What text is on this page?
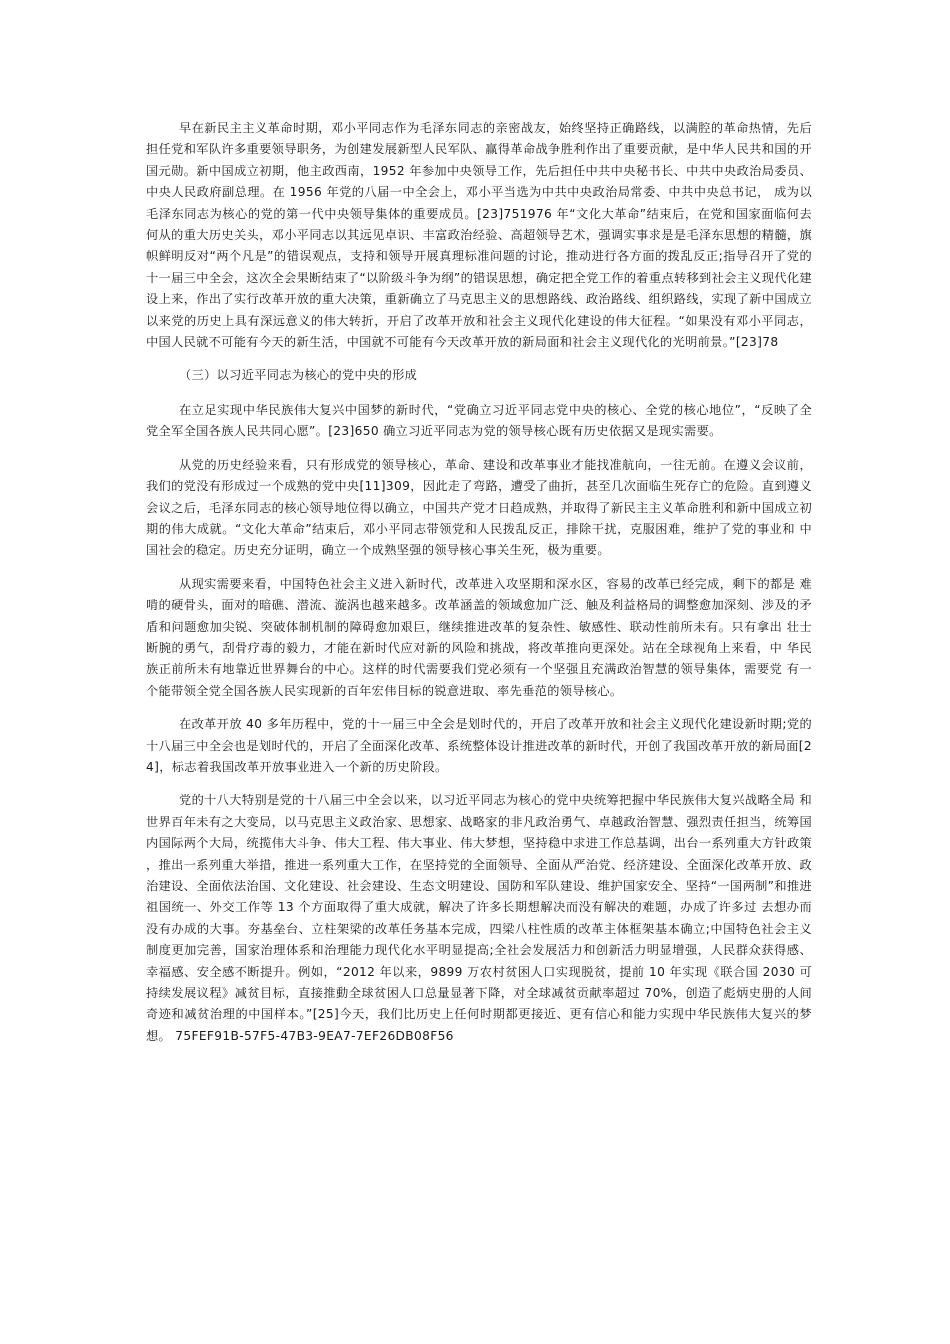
早在新民主主义革命时期，邓小平同志作为毛泽东同志的亲密战友，始终坚持正确路线，以满腔的革命热情，先后担任党和军队许多重要领导职务，为创建发展新型人民军队、赢得革命战争胜利作出了重要贡献，是中华人民共和国的开国元勋。新中国成立初期，他主政西南，1952 年参加中央领导工作，先后担任中共中央秘书长、中共中央政治局委员、中央人民政府副总理。在 1956 年党的八届一中全会上，邓小平当选为中共中央政治局常委、中共中央总书记， 成为以毛泽东同志为核心的党的第一代中央领导集体的重要成员。[23]751976 年“文化大革命”结束后，在党和国家面临何去何从的重大历史关头，邓小平同志以其远见卓识、丰富政治经验、高超领导艺术，强调实事求是是毛泽东思想的精髓，旗帜鲜明反对“两个凡是”的错误观点，支持和领导开展真理标准问题的讨论，推动进行各方面的拨乱反正;指导召开了党的十一届三中全会，这次全会果断结束了“以阶级斗争为纲”的错误思想，确定把全党工作的着重点转移到社会主义现代化建设上来，作出了实行改革开放的重大决策，重新确立了马克思主义的思想路线、政治路线、组织路线，实现了新中国成立以来党的历史上具有深远意义的伟大转折，开启了改革开放和社会主义现代化建设的伟大征程。“如果没有邓小平同志，中国人民就不可能有今天的新生活，中国就不可能有今天改革开放的新局面和社会主义现代化的光明前景。”[23]78

（三）以习近平同志为核心的党中央的形成

在立足实现中华民族伟大复兴中国梦的新时代，“党确立习近平同志党中央的核心、全党的核心地位”，“反映了全党全军全国各族人民共同心愿”。[23]650 确立习近平同志为党的领导核心既有历史依据又是现实需要。

从党的历史经验来看，只有形成党的领导核心，革命、建设和改革事业才能找准航向，一往无前。在遵义会议前， 我们的党没有形成过一个成熟的党中央[11]309，因此走了弯路，遭受了曲折，甚至几次面临生死存亡的危险。直到遵义会议之后，毛泽东同志的核心领导地位得以确立，中国共产党才日趋成熟，并取得了新民主主义革命胜利和新中国成立初期的伟大成就。“文化大革命”结束后，邓小平同志带领党和人民拨乱反正，排除干扰，克服困难，维护了党的事业和 中国社会的稳定。历史充分证明，确立一个成熟坚强的领导核心事关生死，极为重要。

从现实需要来看，中国特色社会主义进入新时代，改革进入攻坚期和深水区，容易的改革已经完成，剩下的都是 难啃的硬骨头，面对的暗礁、潜流、漩涡也越来越多。改革涵盖的领域愈加广泛、触及利益格局的调整愈加深刻、涉及的矛盾和问题愈加尖锐、突破体制机制的障碍愈加艰巨，继续推进改革的复杂性、敏感性、联动性前所未有。只有拿出 壮士断腕的勇气，刮骨疗毒的毅力，才能在新时代应对新的风险和挑战，将改革推向更深处。站在全球视角上来看，中 华民族正前所未有地靠近世界舞台的中心。这样的时代需要我们党必须有一个坚强且充满政治智慧的领导集体，需要党 有一个能带领全党全国各族人民实现新的百年宏伟目标的锐意进取、率先垂范的领导核心。

在改革开放 40 多年历程中，党的十一届三中全会是划时代的，开启了改革开放和社会主义现代化建设新时期;党的十八届三中全会也是划时代的，开启了全面深化改革、系统整体设计推进改革的新时代，开创了我国改革开放的新局面[24]，标志着我国改革开放事业进入一个新的历史阶段。

党的十八大特别是党的十八届三中全会以来，以习近平同志为核心的党中央统筹把握中华民族伟大复兴战略全局 和世界百年未有之大变局，以马克思主义政治家、思想家、战略家的非凡政治勇气、卓越政治智慧、强烈责任担当，统筹国内国际两个大局，统揽伟大斗争、伟大工程、伟大事业、伟大梦想，坚持稳中求进工作总基调，出台一系列重大方针政策 ，推出一系列重大举措，推进一系列重大工作，在坚持党的全面领导、全面从严治党、经济建设、全面深化改革开放、政治建设、全面依法治国、文化建设、社会建设、生态文明建设、国防和军队建设、维护国家安全、坚持“一国两制”和推进祖国统一、外交工作等 13 个方面取得了重大成就，解决了许多长期想解决而没有解决的难题，办成了许多过 去想办而没有办成的大事。夯基垒台、立柱架梁的改革任务基本完成，四梁八柱性质的改革主体框架基本确立;中国特色社会主义制度更加完善，国家治理体系和治理能力现代化水平明显提高;全社会发展活力和创新活力明显增强，人民群众获得感、幸福感、安全感不断提升。例如，“2012 年以来，9899 万农村贫困人口实现脱贫，提前 10 年实现《联合国 2030 可持续发展议程》减贫目标，直接推動全球贫困人口总量显著下降，对全球减贫贡献率超过 70%，创造了彪炳史册的人间奇迹和减贫治理的中国样本。”[25]今天，我们比历史上任何时期都更接近、更有信心和能力实现中华民族伟大复兴的梦想。 75FEF91B-57F5-47B3-9EA7-7EF26DB08F56
